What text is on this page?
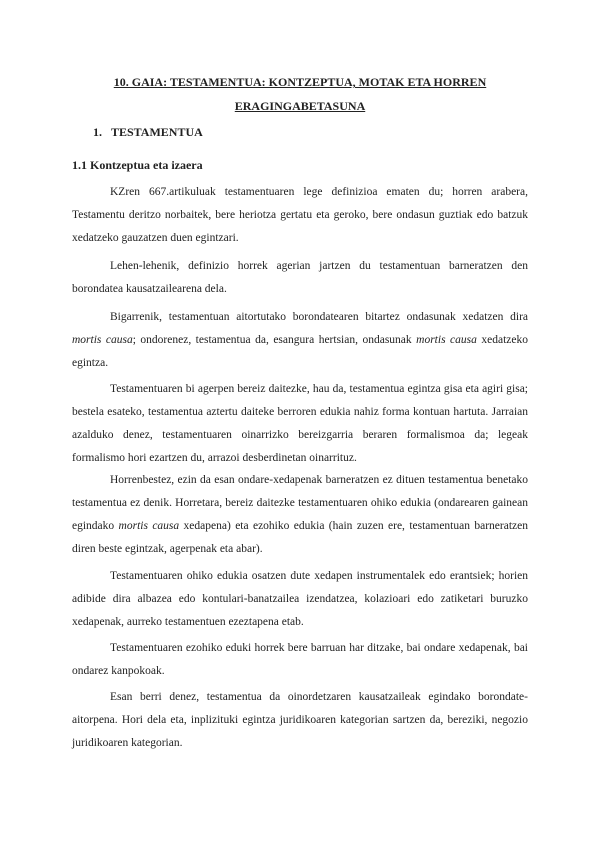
10. GAIA: TESTAMENTUA: KONTZEPTUA, MOTAK ETA HORREN ERAGINGABETASUNA

1. TESTAMENTUA

1.1 Kontzeptua eta izaera

KZren 667.artikuluak testamentuaren lege definizioa ematen du; horren arabera, Testamentu deritzo norbaitek, bere heriotza gertatu eta geroko, bere ondasun guztiak edo batzuk xedatzeko gauzatzen duen egintzari.

Lehen-lehenik, definizio horrek agerian jartzen du testamentuan barneratzen den borondatea kausatzailearena dela.

Bigarrenik, testamentuan aitortutako borondatearen bitartez ondasunak xedatzen dira mortis causa; ondorenez, testamentua da, esangura hertsian, ondasunak mortis causa xedatzeko egintza.

Testamentuaren bi agerpen bereiz daitezke, hau da, testamentua egintza gisa eta agiri gisa; bestela esateko, testamentua aztertu daiteke berroren edukia nahiz forma kontuan hartuta. Jarraian azalduko denez, testamentuaren oinarrizko bereizgarria beraren formalismoa da; legeak formalismo hori ezartzen du, arrazoi desberdinetan oinarrituz.

Horrenbestez, ezin da esan ondare-xedapenak barneratzen ez dituen testamentua benetako testamentua ez denik. Horretara, bereiz daitezke testamentuaren ohiko edukia (ondarearen gainean egindako mortis causa xedapena) eta ezohiko edukia (hain zuzen ere, testamentuan barneratzen diren beste egintzak, agerpenak eta abar).

Testamentuaren ohiko edukia osatzen dute xedapen instrumentalek edo erantsiek; horien adibide dira albazea edo kontulari-banatzailea izendatzea, kolazioari edo zatiketari buruzko xedapenak, aurreko testamentuen ezeztapena etab.

Testamentuaren ezohiko eduki horrek bere barruan har ditzake, bai ondare xedapenak, bai ondarez kanpokoak.

Esan berri denez, testamentua da oinordetzaren kausatzaileak egindako borondate-aitorpena. Hori dela eta, inplizituki egintza juridikoaren kategorian sartzen da, bereziki, negozio juridikoaren kategorian.
